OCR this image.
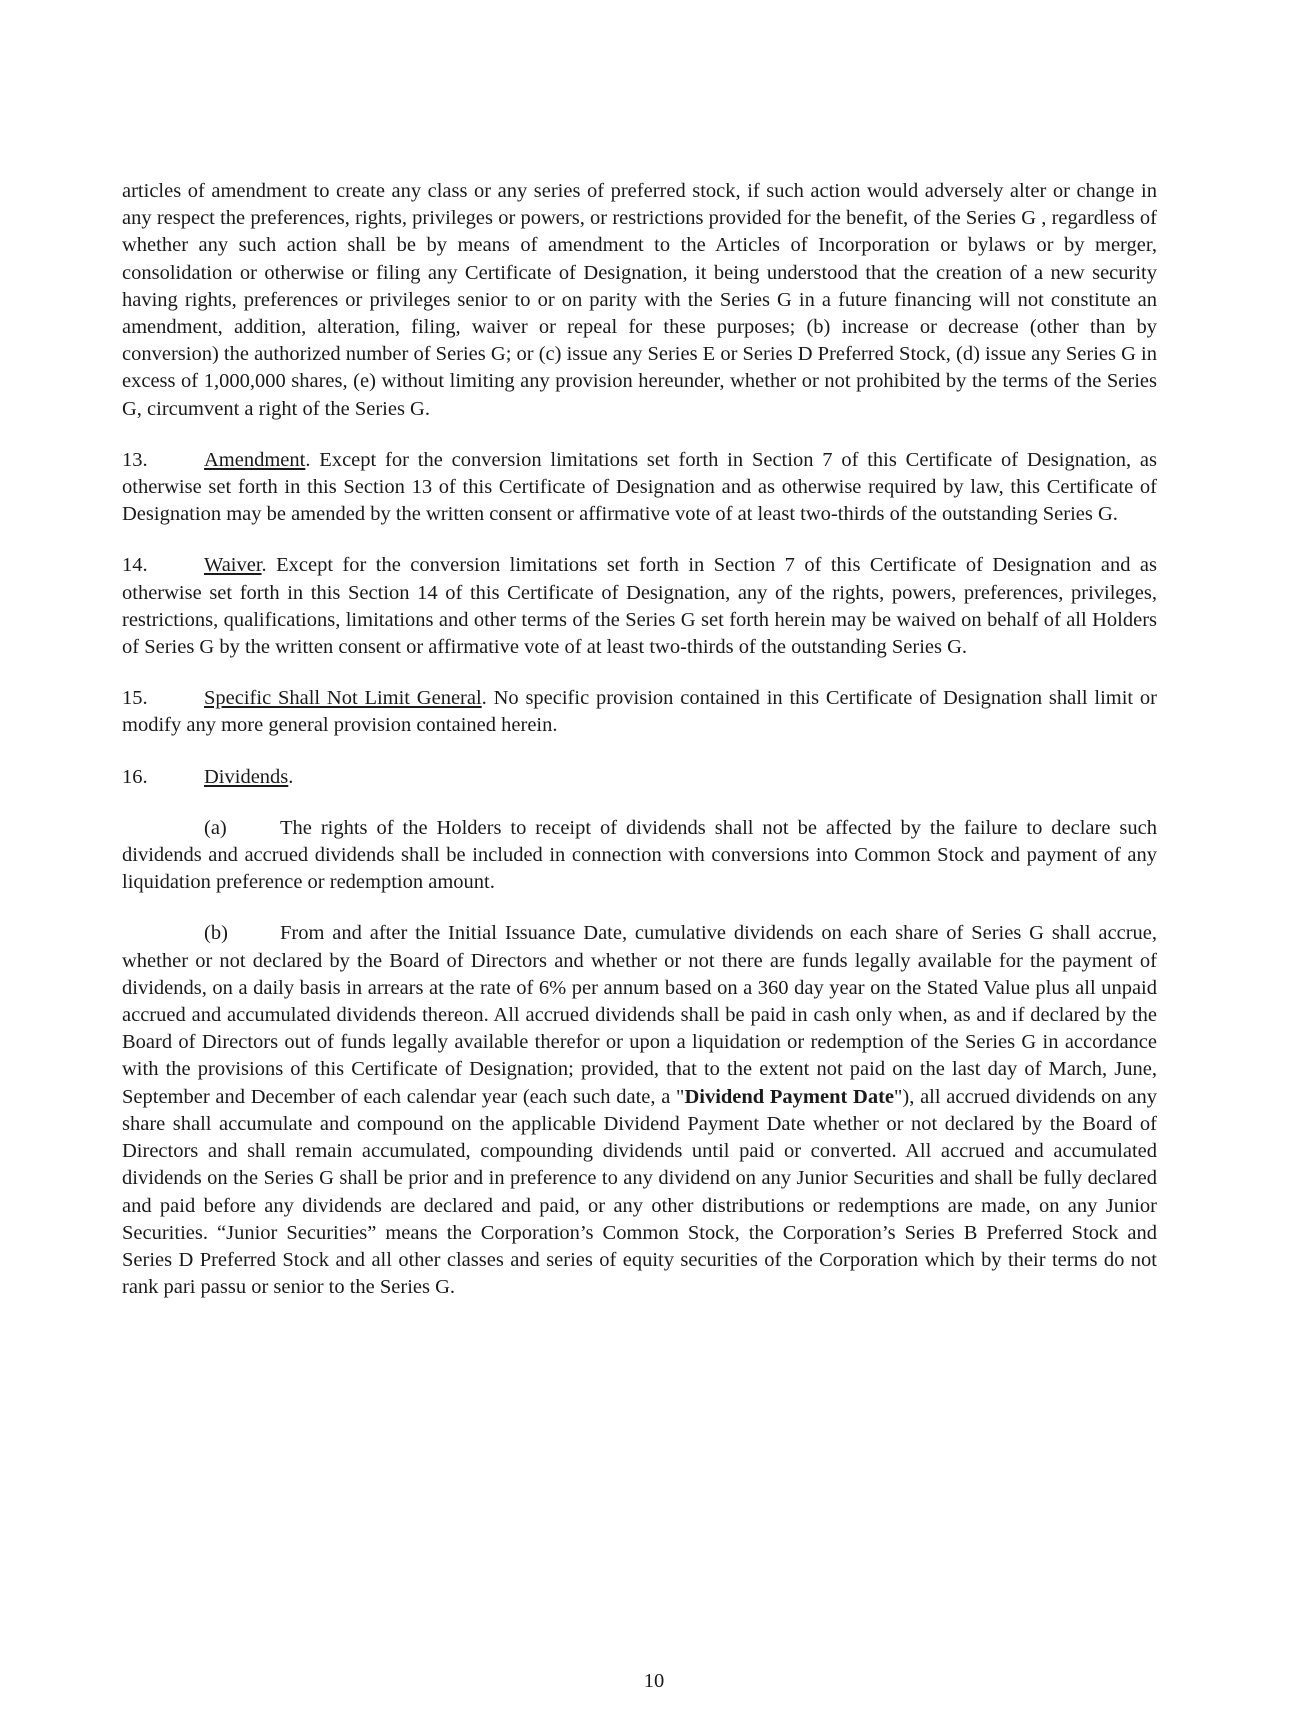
articles of amendment to create any class or any series of preferred stock, if such action would adversely alter or change in any respect the preferences, rights, privileges or powers, or restrictions provided for the benefit, of the Series G , regardless of whether any such action shall be by means of amendment to the Articles of Incorporation or bylaws or by merger, consolidation or otherwise or filing any Certificate of Designation, it being understood that the creation of a new security having rights, preferences or privileges senior to or on parity with the Series G in a future financing will not constitute an amendment, addition, alteration, filing, waiver or repeal for these purposes; (b) increase or decrease (other than by conversion) the authorized number of Series G; or (c) issue any Series E or Series D Preferred Stock, (d) issue any Series G in excess of 1,000,000 shares, (e) without limiting any provision hereunder, whether or not prohibited by the terms of the Series G, circumvent a right of the Series G.

13.	Amendment. Except for the conversion limitations set forth in Section 7 of this Certificate of Designation, as otherwise set forth in this Section 13 of this Certificate of Designation and as otherwise required by law, this Certificate of Designation may be amended by the written consent or affirmative vote of at least two-thirds of the outstanding Series G.

14.	Waiver. Except for the conversion limitations set forth in Section 7 of this Certificate of Designation and as otherwise set forth in this Section 14 of this Certificate of Designation, any of the rights, powers, preferences, privileges, restrictions, qualifications, limitations and other terms of the Series G set forth herein may be waived on behalf of all Holders of Series G by the written consent or affirmative vote of at least two-thirds of the outstanding Series G.

15.	Specific Shall Not Limit General. No specific provision contained in this Certificate of Designation shall limit or modify any more general provision contained herein.

16.	Dividends.

(a)	The rights of the Holders to receipt of dividends shall not be affected by the failure to declare such dividends and accrued dividends shall be included in connection with conversions into Common Stock and payment of any liquidation preference or redemption amount.

(b)	From and after the Initial Issuance Date, cumulative dividends on each share of Series G shall accrue, whether or not declared by the Board of Directors and whether or not there are funds legally available for the payment of dividends, on a daily basis in arrears at the rate of 6% per annum based on a 360 day year on the Stated Value plus all unpaid accrued and accumulated dividends thereon. All accrued dividends shall be paid in cash only when, as and if declared by the Board of Directors out of funds legally available therefor or upon a liquidation or redemption of the Series G in accordance with the provisions of this Certificate of Designation; provided, that to the extent not paid on the last day of March, June, September and December of each calendar year (each such date, a "Dividend Payment Date"), all accrued dividends on any share shall accumulate and compound on the applicable Dividend Payment Date whether or not declared by the Board of Directors and shall remain accumulated, compounding dividends until paid or converted. All accrued and accumulated dividends on the Series G shall be prior and in preference to any dividend on any Junior Securities and shall be fully declared and paid before any dividends are declared and paid, or any other distributions or redemptions are made, on any Junior Securities. “Junior Securities” means the Corporation’s Common Stock, the Corporation’s Series B Preferred Stock and Series D Preferred Stock and all other classes and series of equity securities of the Corporation which by their terms do not rank pari passu or senior to the Series G.

10
